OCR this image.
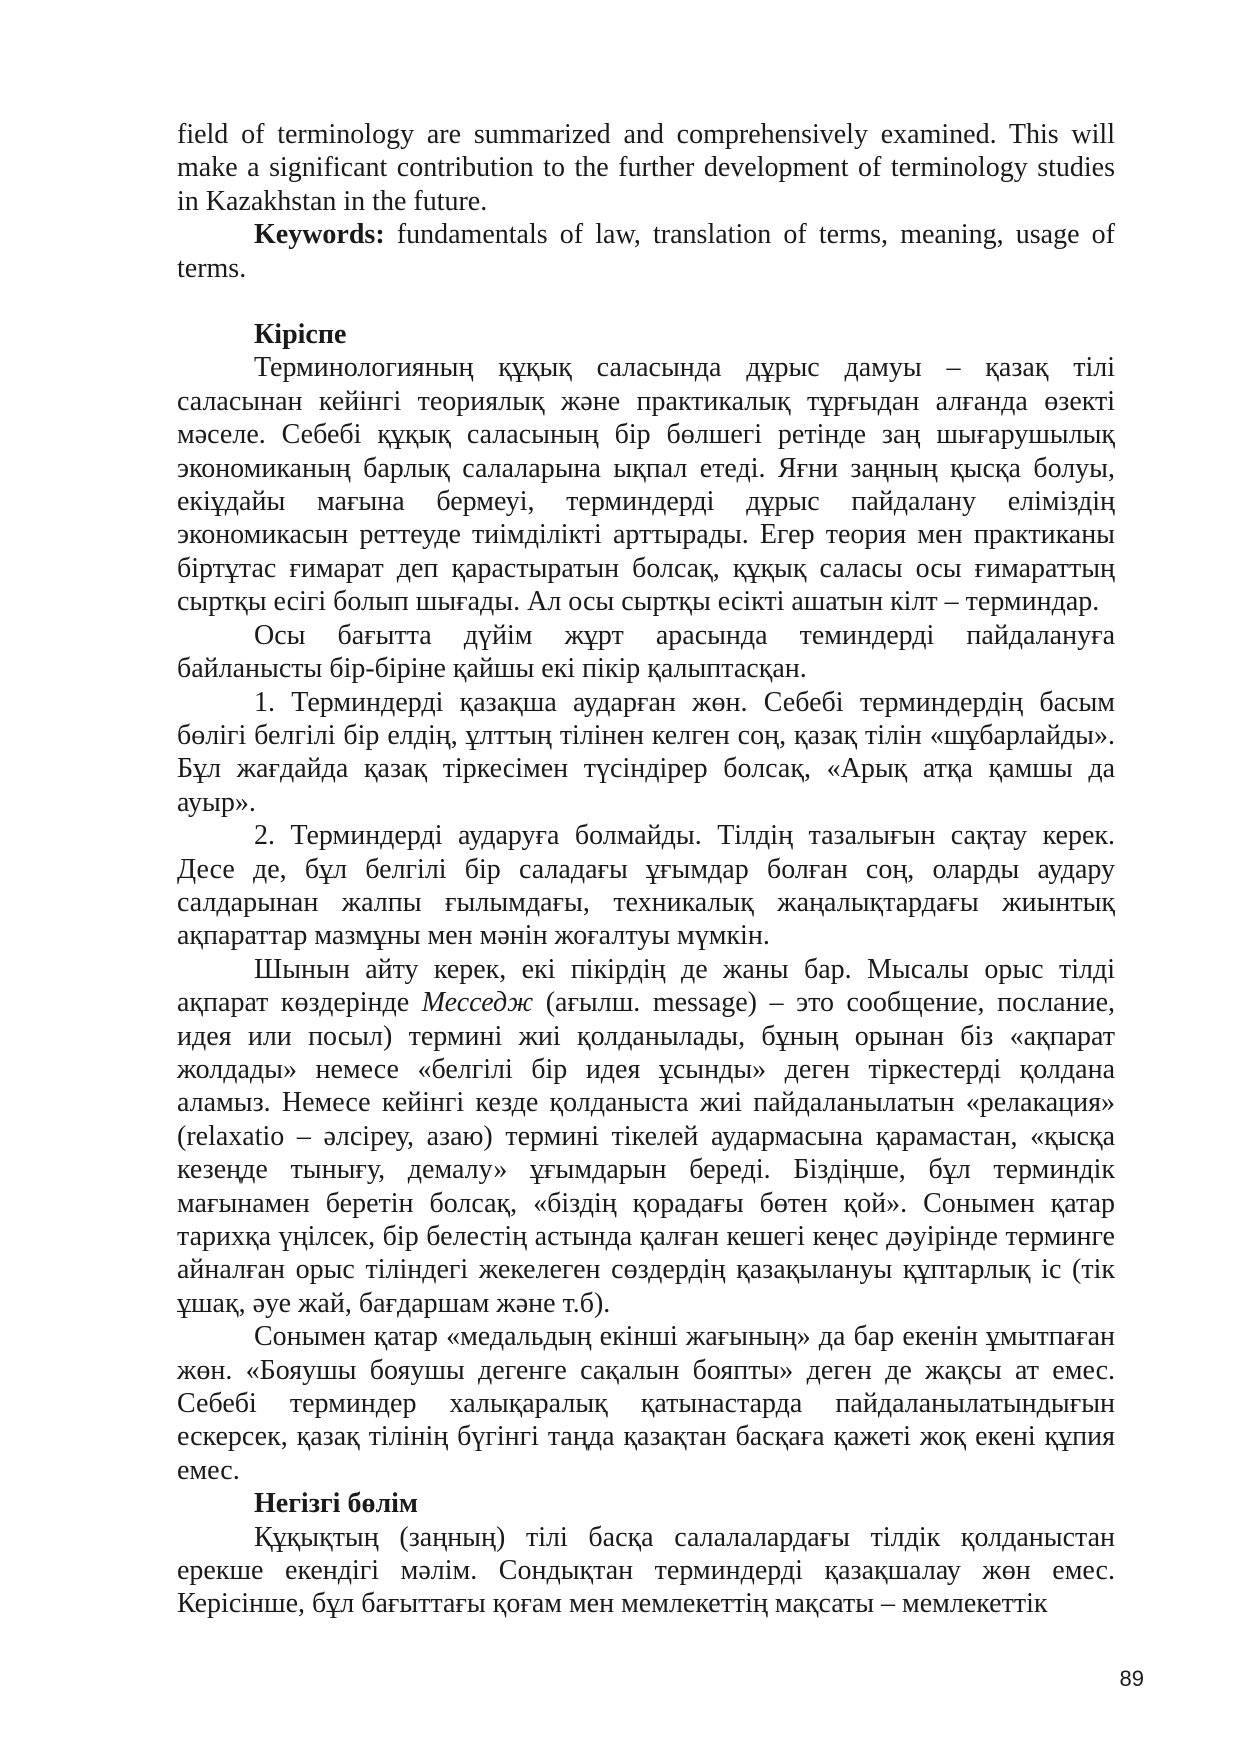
field of terminology are summarized and comprehensively examined. This will make a significant contribution to the further development of terminology studies in Kazakhstan in the future.

Keywords: fundamentals of law, translation of terms, meaning, usage of terms.

Кіріспе

Терминологияның құқық саласында дұрыс дамуы – қазақ тілі саласынан кейінгі теориялық және практикалық тұрғыдан алғанда өзекті мәселе. Себебі құқық саласының бір бөлшегі ретінде заң шығарушылық экономиканың барлық салаларына ықпал етеді. Яғни заңның қысқа болуы, екіұдайы мағына бермеуі, терминдерді дұрыс пайдалану еліміздің экономикасын реттеуде тиімділікті арттырады. Егер теория мен практиканы біртұтас ғимарат деп қарастыратын болсақ, құқық саласы осы ғимараттың сыртқы есігі болып шығады. Ал осы сыртқы есікті ашатын кілт – терминдар.

Осы бағытта дүйім жұрт арасында теминдерді пайдалануға байланысты бір-біріне қайшы екі пікір қалыптасқан.

1. Терминдерді қазақша аударған жөн. Себебі терминдердің басым бөлігі белгілі бір елдің, ұлттың тілінен келген соң, қазақ тілін «шұбарлайды». Бұл жағдайда қазақ тіркесімен түсіндірер болсақ, «Арық атқа қамшы да ауыр».

2. Терминдерді аударуға болмайды. Тілдің тазалығын сақтау керек. Десе де, бұл белгілі бір саладағы ұғымдар болған соң, оларды аудару салдарынан жалпы ғылымдағы, техникалық жаңалықтардағы жиынтық ақпараттар мазмұны мен мәнін жоғалтуы мүмкін.

Шынын айту керек, екі пікірдің де жаны бар. Мысалы орыс тілді ақпарат көздерінде Месседж (ағылш. message) – это сообщение, послание, идея или посыл) термині жиі қолданылады, бұның орынан біз «ақпарат жолдады» немесе «белгілі бір идея ұсынды» деген тіркестерді қолдана аламыз. Немесе кейінгі кезде қолданыста жиі пайдаланылатын «релакация» (relaxatio – әлсіреу, азаю) термині тікелей аудармасына қарамастан, «қысқа кезеңде тынығу, демалу» ұғымдарын береді. Біздіңше, бұл терминдік мағынамен беретін болсақ, «біздің қорадағы бөтен қой». Сонымен қатар тарихқа үңілсек, бір белестің астында қалған кешегі кеңес дәуірінде терминге айналған орыс тіліндегі жекелеген сөздердің қазақылануы құптарлық іс (тік ұшақ, әуе жай, бағдаршам және т.б).

Сонымен қатар «медальдың екінші жағының» да бар екенін ұмытпаған жөн. «Бояушы бояушы дегенге сақалын бояпты» деген де жақсы ат емес. Себебі терминдер халықаралық қатынастарда пайдаланылатындығын ескерсек, қазақ тілінің бүгінгі таңда қазақтан басқаға қажеті жоқ екені құпия емес.

Негізгі бөлім

Құқықтың (заңның) тілі басқа салалалардағы тілдік қолданыстан ерекше екендігі мәлім. Сондықтан терминдерді қазақшалау жөн емес. Керісінше, бұл бағыттағы қоғам мен мемлекеттің мақсаты – мемлекеттік

89
